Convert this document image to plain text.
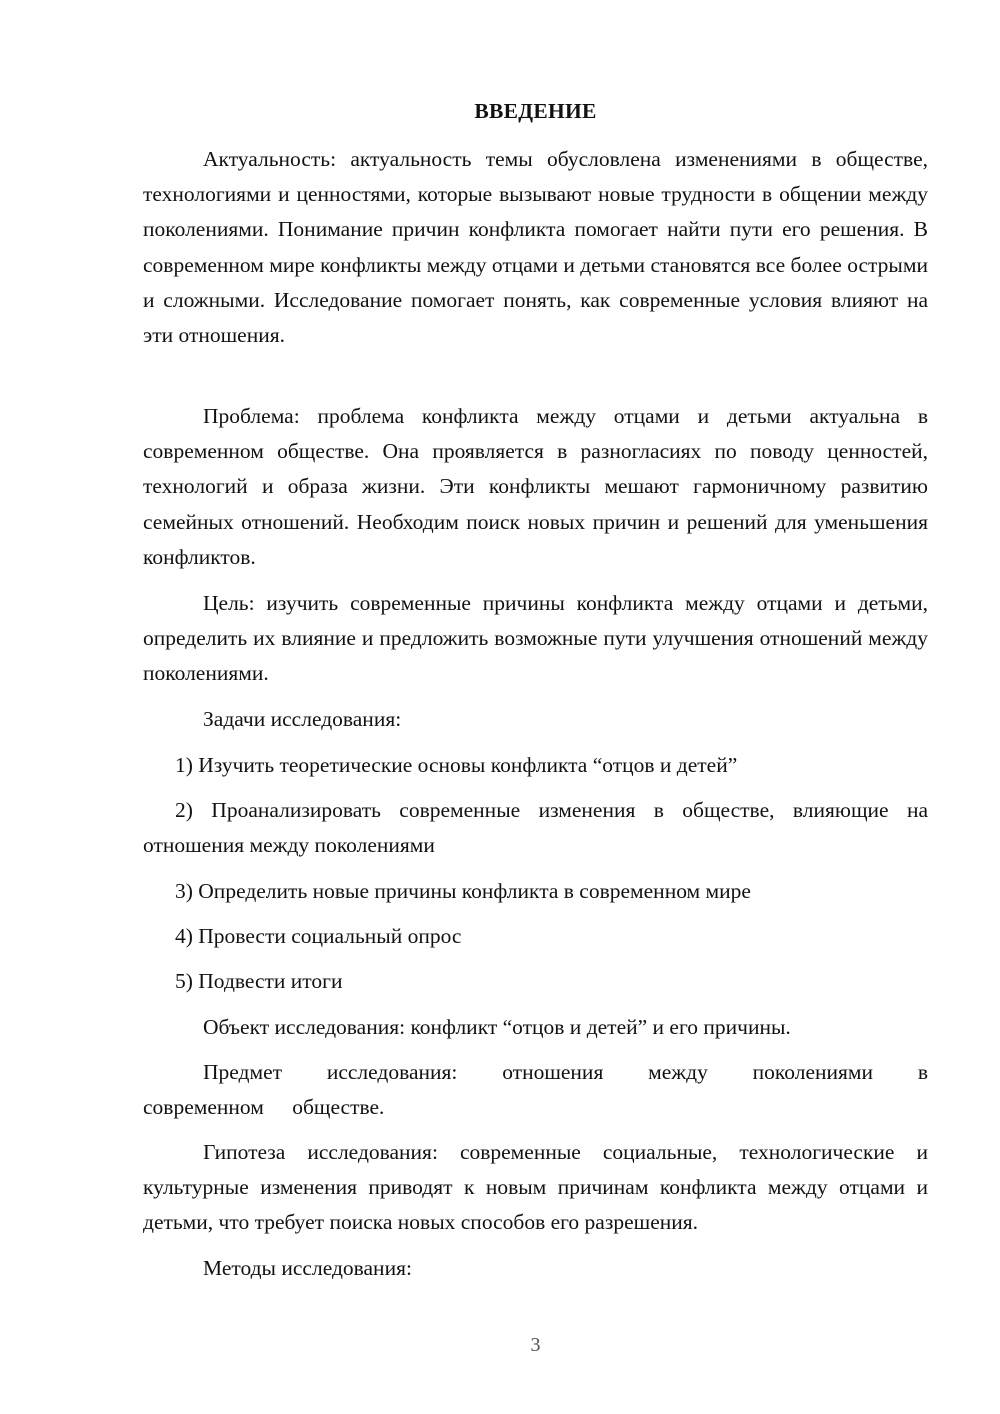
ВВЕДЕНИЕ

Актуальность: актуальность темы обусловлена изменениями в обществе, технологиями и ценностями, которые вызывают новые трудности в общении между поколениями. Понимание причин конфликта помогает найти пути его решения. В современном мире конфликты между отцами и детьми становятся все более острыми и сложными. Исследование помогает понять, как современные условия влияют на эти отношения.

Проблема: проблема конфликта между отцами и детьми актуальна в современном обществе. Она проявляется в разногласиях по поводу ценностей, технологий и образа жизни. Эти конфликты мешают гармоничному развитию семейных отношений. Необходим поиск новых причин и решений для уменьшения конфликтов.

Цель: изучить современные причины конфликта между отцами и детьми, определить их влияние и предложить возможные пути улучшения отношений между поколениями.

Задачи исследования:

1) Изучить теоретические основы конфликта “отцов и детей”

2) Проанализировать современные изменения в обществе, влияющие на отношения между поколениями

3) Определить новые причины конфликта в современном мире

4) Провести социальный опрос

5) Подвести итоги

Объект исследования: конфликт “отцов и детей” и его причины.

Предмет исследования: отношения между поколениями в современном обществе.

Гипотеза исследования: современные социальные, технологические и культурные изменения приводят к новым причинам конфликта между отцами и детьми, что требует поиска новых способов его разрешения.

Методы исследования:

3
